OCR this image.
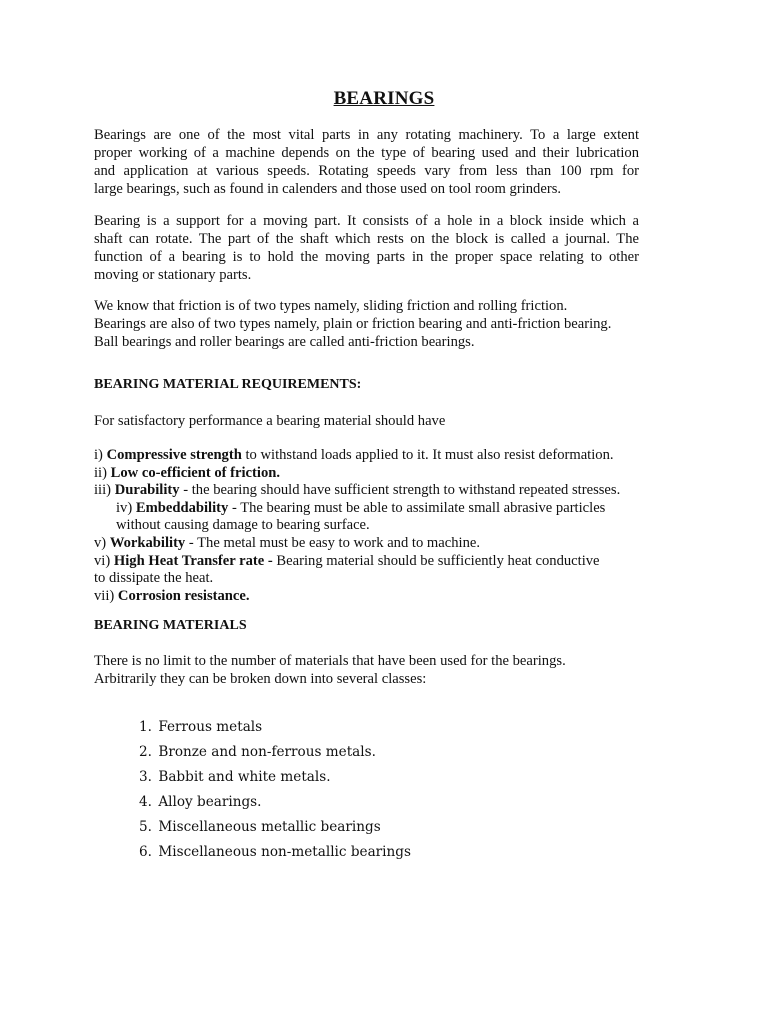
BEARINGS
Bearings are one of the most vital parts in any rotating machinery. To a large extent
proper working of a machine depends on the type of bearing used and their lubrication
and application at various speeds. Rotating speeds vary from less than 100 rpm for
large bearings, such as found in calenders and those used on tool room grinders.
Bearing is a support for a moving part. It consists of a hole in a block inside which a
shaft can rotate. The part of the shaft which rests on the block is called a journal. The
function of a bearing is to hold the moving parts in the proper space relating to other
moving or stationary parts.
We know that friction is of two types namely, sliding friction and rolling friction.
Bearings are also of two types namely, plain or friction bearing and anti-friction bearing.
Ball bearings and roller bearings are called anti-friction bearings.
BEARING MATERIAL REQUIREMENTS:
For satisfactory performance a bearing material should have
i) Compressive strength to withstand loads applied to it. It must also resist deformation.
ii) Low co-efficient of friction.
iii) Durability - the bearing should have sufficient strength to withstand repeated stresses.
iv) Embeddability - The bearing must be able to assimilate small abrasive particles
without causing damage to bearing surface.
v) Workability - The metal must be easy to work and to machine.
vi) High Heat Transfer rate - Bearing material should be sufficiently heat conductive
to dissipate the heat.
vii) Corrosion resistance.
BEARING MATERIALS
There is no limit to the number of materials that have been used for the bearings.
Arbitrarily they can be broken down into several classes:
1. Ferrous metals
2. Bronze and non-ferrous metals.
3. Babbit and white metals.
4. Alloy bearings.
5. Miscellaneous metallic bearings
6. Miscellaneous non-metallic bearings
